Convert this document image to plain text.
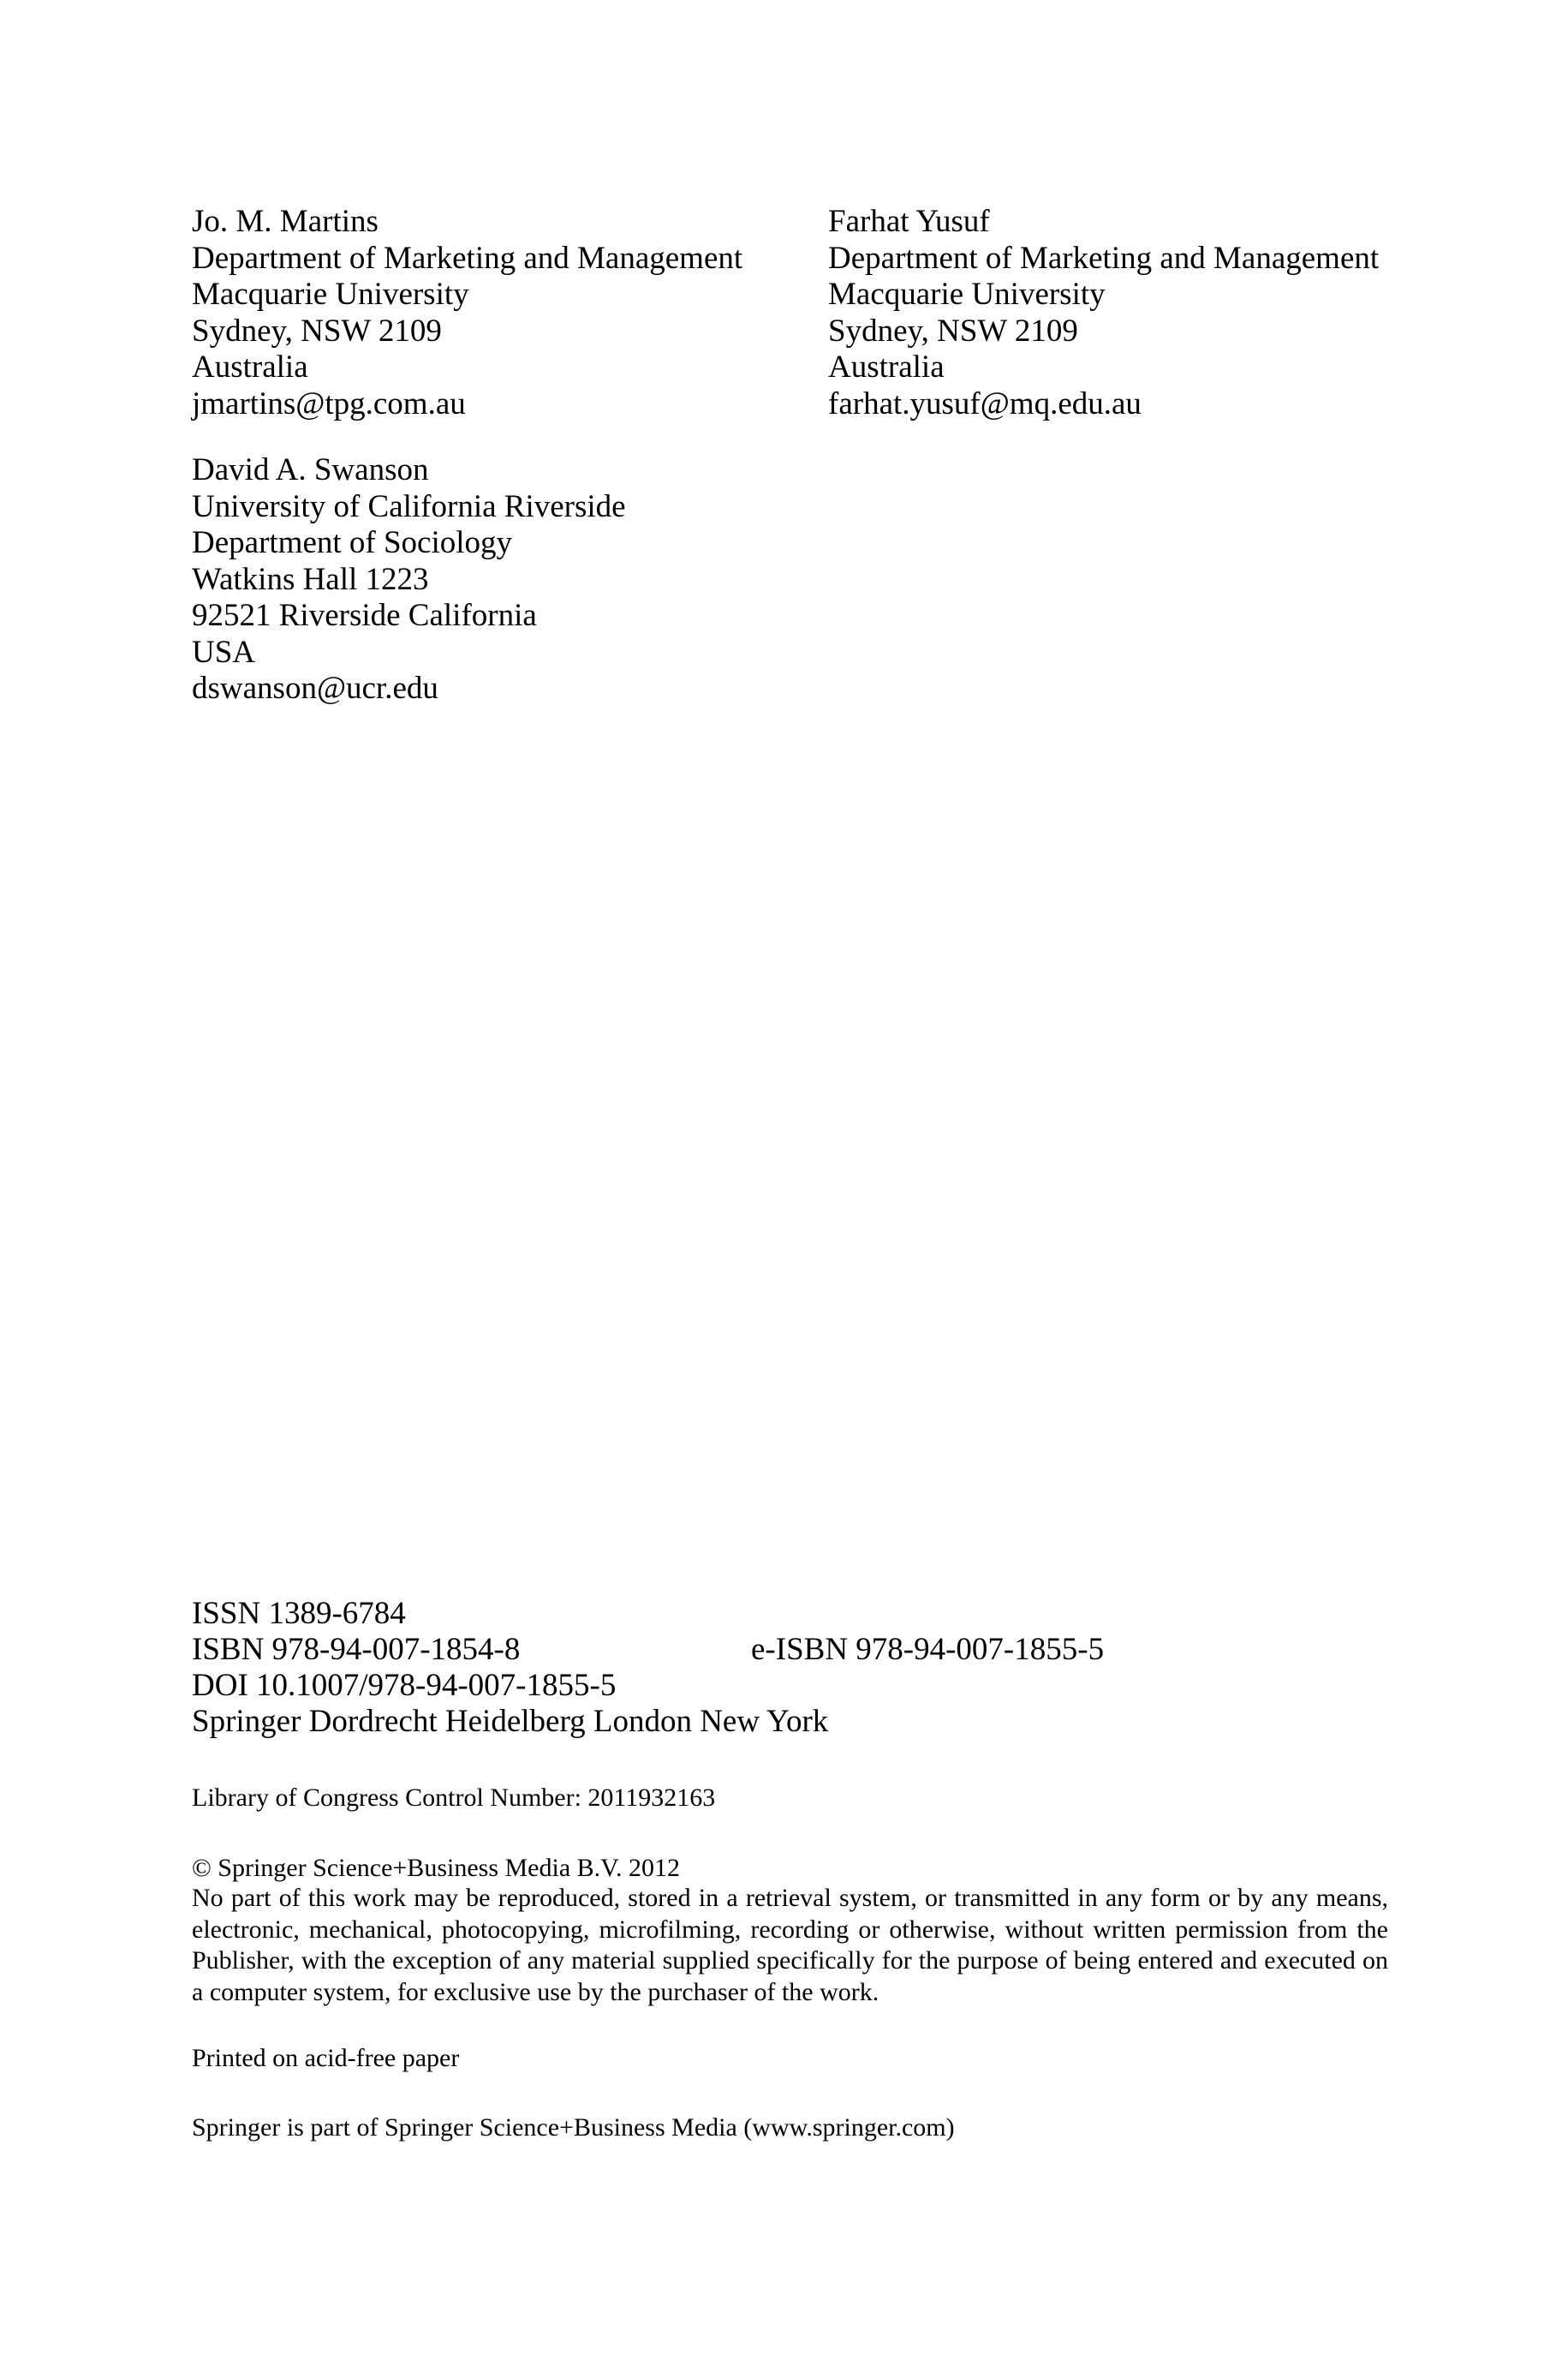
Jo. M. Martins
Department of Marketing and Management
Macquarie University
Sydney, NSW 2109
Australia
jmartins@tpg.com.au
Farhat Yusuf
Department of Marketing and Management
Macquarie University
Sydney, NSW 2109
Australia
farhat.yusuf@mq.edu.au
David A. Swanson
University of California Riverside
Department of Sociology
Watkins Hall 1223
92521 Riverside California
USA
dswanson@ucr.edu
ISSN 1389-6784
ISBN 978-94-007-1854-8	e-ISBN 978-94-007-1855-5
DOI 10.1007/978-94-007-1855-5
Springer Dordrecht Heidelberg London New York
Library of Congress Control Number: 2011932163
© Springer Science+Business Media B.V. 2012

No part of this work may be reproduced, stored in a retrieval system, or transmitted in any form or by any means, electronic, mechanical, photocopying, microfilming, recording or otherwise, without written permission from the Publisher, with the exception of any material supplied specifically for the purpose of being entered and executed on a computer system, for exclusive use by the purchaser of the work.

Printed on acid-free paper
Springer is part of Springer Science+Business Media (www.springer.com)
